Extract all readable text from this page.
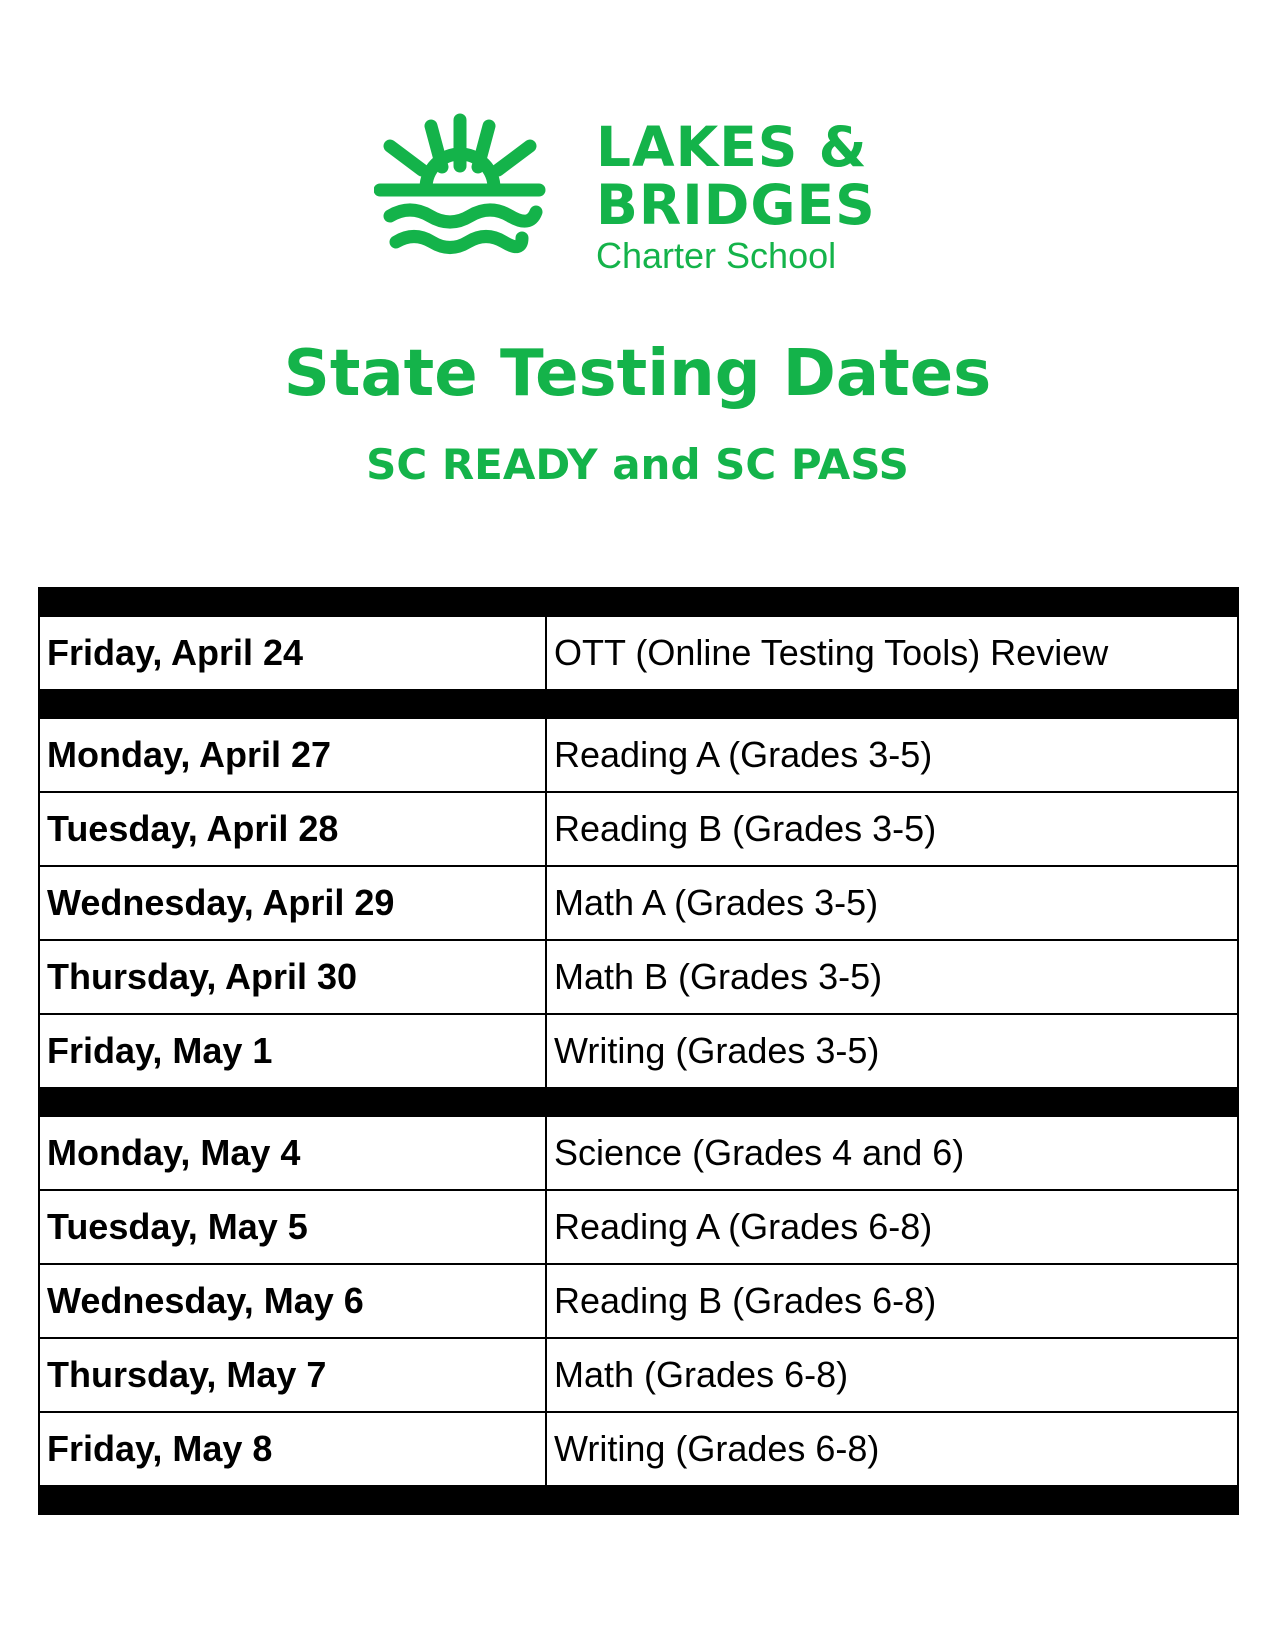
LAKES &
BRIDGES
Charter School
State Testing Dates
SC READY and SC PASS

Friday, April 24	OTT (Online Testing Tools) Review

Monday, April 27	Reading A (Grades 3-5)
Tuesday, April 28	Reading B (Grades 3-5)
Wednesday, April 29	Math A (Grades 3-5)
Thursday, April 30	Math B (Grades 3-5)
Friday, May 1	Writing (Grades 3-5)

Monday, May 4	Science (Grades 4 and 6)
Tuesday, May 5	Reading A (Grades 6-8)
Wednesday, May 6	Reading B (Grades 6-8)
Thursday, May 7	Math (Grades 6-8)
Friday, May 8	Writing (Grades 6-8)
